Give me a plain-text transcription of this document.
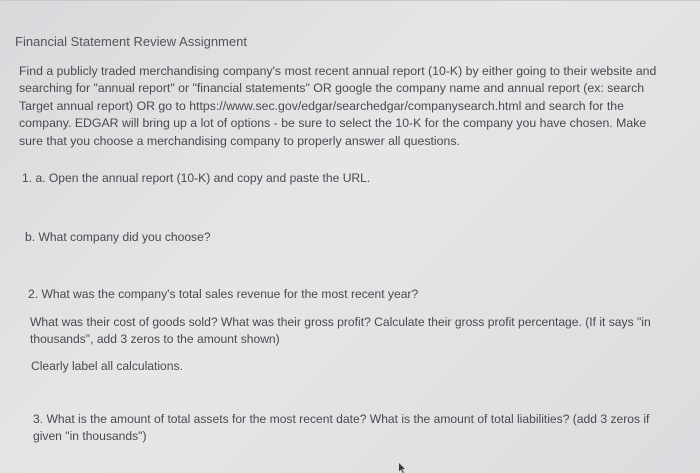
Financial Statement Review Assignment
Find a publicly traded merchandising company's most recent annual report (10-K) by either going to their website and searching for "annual report" or "financial statements" OR google the company name and annual report (ex: search Target annual report) OR go to https://www.sec.gov/edgar/searchedgar/companysearch.html and search for the company. EDGAR will bring up a lot of options - be sure to select the 10-K for the company you have chosen. Make sure that you choose a merchandising company to properly answer all questions.
1. a. Open the annual report (10-K) and copy and paste the URL.
b. What company did you choose?
2. What was the company's total sales revenue for the most recent year?
What was their cost of goods sold? What was their gross profit? Calculate their gross profit percentage. (If it says "in thousands", add 3 zeros to the amount shown)
Clearly label all calculations.
3. What is the amount of total assets for the most recent date? What is the amount of total liabilities? (add 3 zeros if given "in thousands")
